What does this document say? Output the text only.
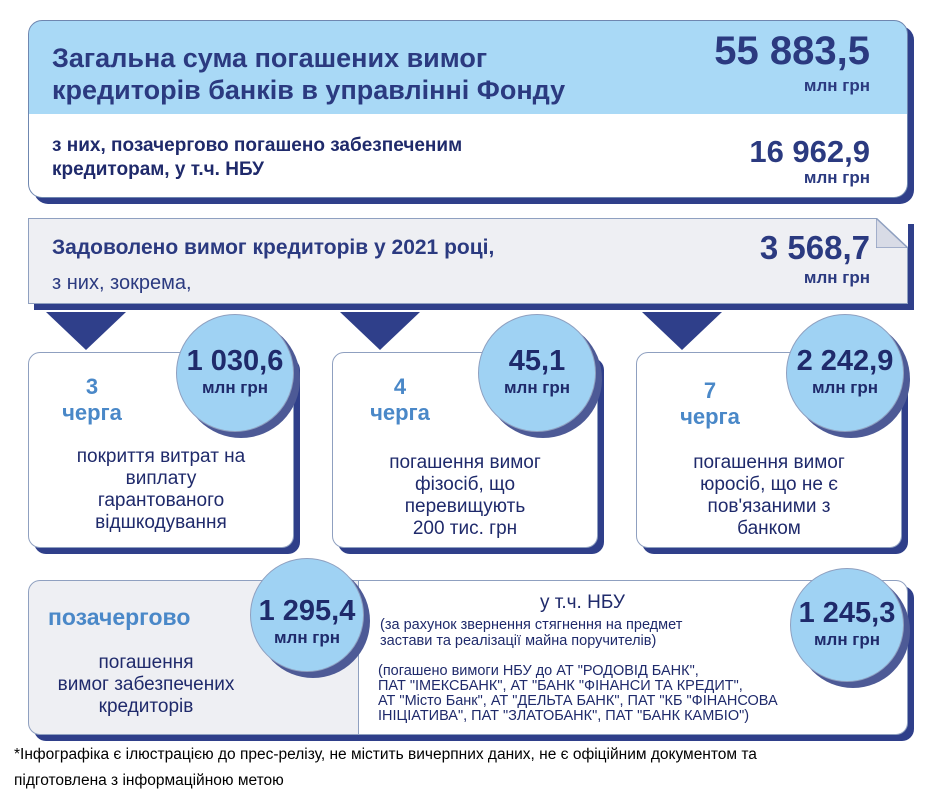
Загальна сума погашених вимог
кредиторів банків в управлінні Фонду
55 883,5
млн грн
з них, позачергово погашено забезпеченим
кредиторам, у т.ч. НБУ
16 962,9
млн грн
Задоволено вимог кредиторів у 2021 році,
з них, зокрема,
3 568,7
млн грн
3
черга
покриття витрат на
виплату
гарантованого
відшкодування
1 030,6
млн грн	4
черга
погашення вимог
фізосіб, що
перевищують
200 тис. грн
45,1
млн грн	7
черга
погашення вимог
юросіб, що не є
пов'язаними з
банком
2 242,9
млн грн
позачергово
погашення
вимог забезпечених
кредиторів
1 295,4
млн грн
у т.ч. НБУ
(за рахунок звернення стягнення на предмет
застави та реалізації майна поручителів)
(погашено вимоги НБУ до АТ "РОДОВІД БАНК",
ПАТ "ІМЕКСБАНК", АТ "БАНК "ФІНАНСИ ТА КРЕДИТ",
АТ "Місто Банк", АТ "ДЕЛЬТА БАНК", ПАТ "КБ "ФІНАНСОВА
ІНІЦІАТИВА", ПАТ "ЗЛАТОБАНК", ПАТ "БАНК КАМБІО")
1 245,3
млн грн
*Інфографіка є ілюстрацією до прес-релізу, не містить вичерпних даних, не є офіційним документом та
підготовлена з інформаційною метою
